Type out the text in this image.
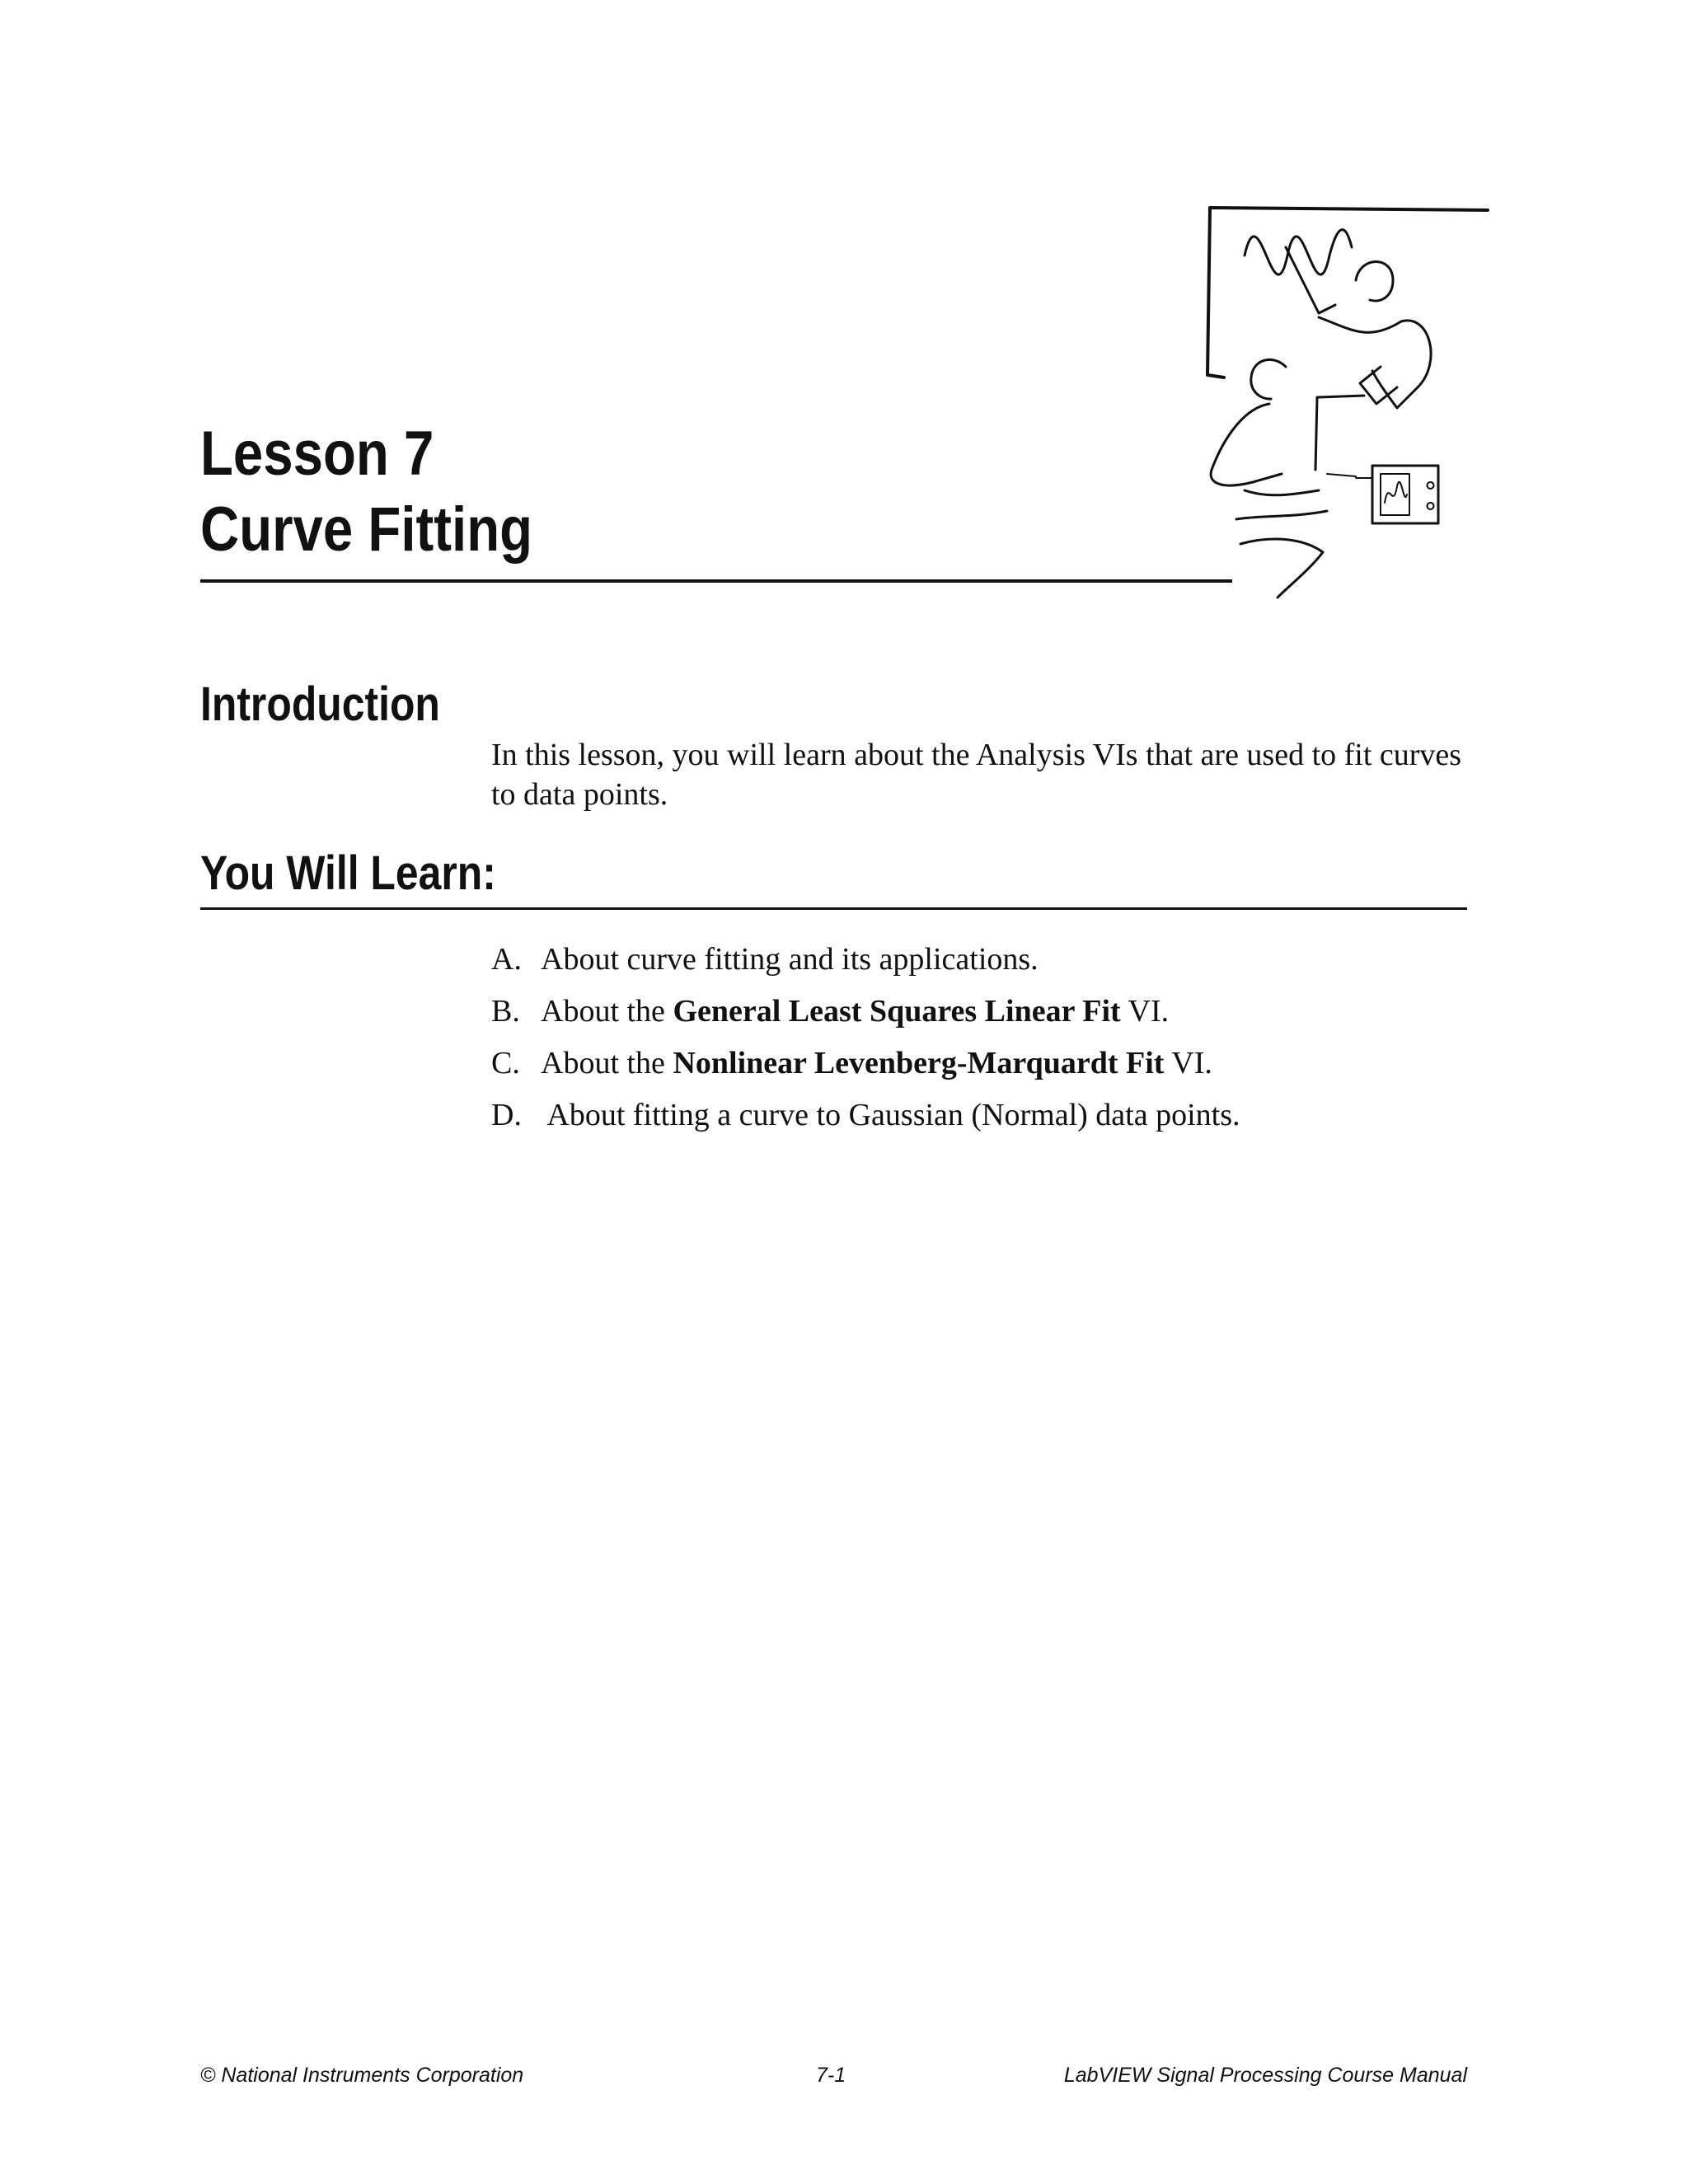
Lesson 7
Curve Fitting
Introduction

In this lesson, you will learn about the Analysis VIs that are used to fit curves to data points.

You Will Learn:
A. About curve fitting and its applications.
B. About the General Least Squares Linear Fit VI.
C. About the Nonlinear Levenberg-Marquardt Fit VI.
D. About fitting a curve to Gaussian (Normal) data points.
© National Instruments Corporation	7-1	LabVIEW Signal Processing Course Manual
